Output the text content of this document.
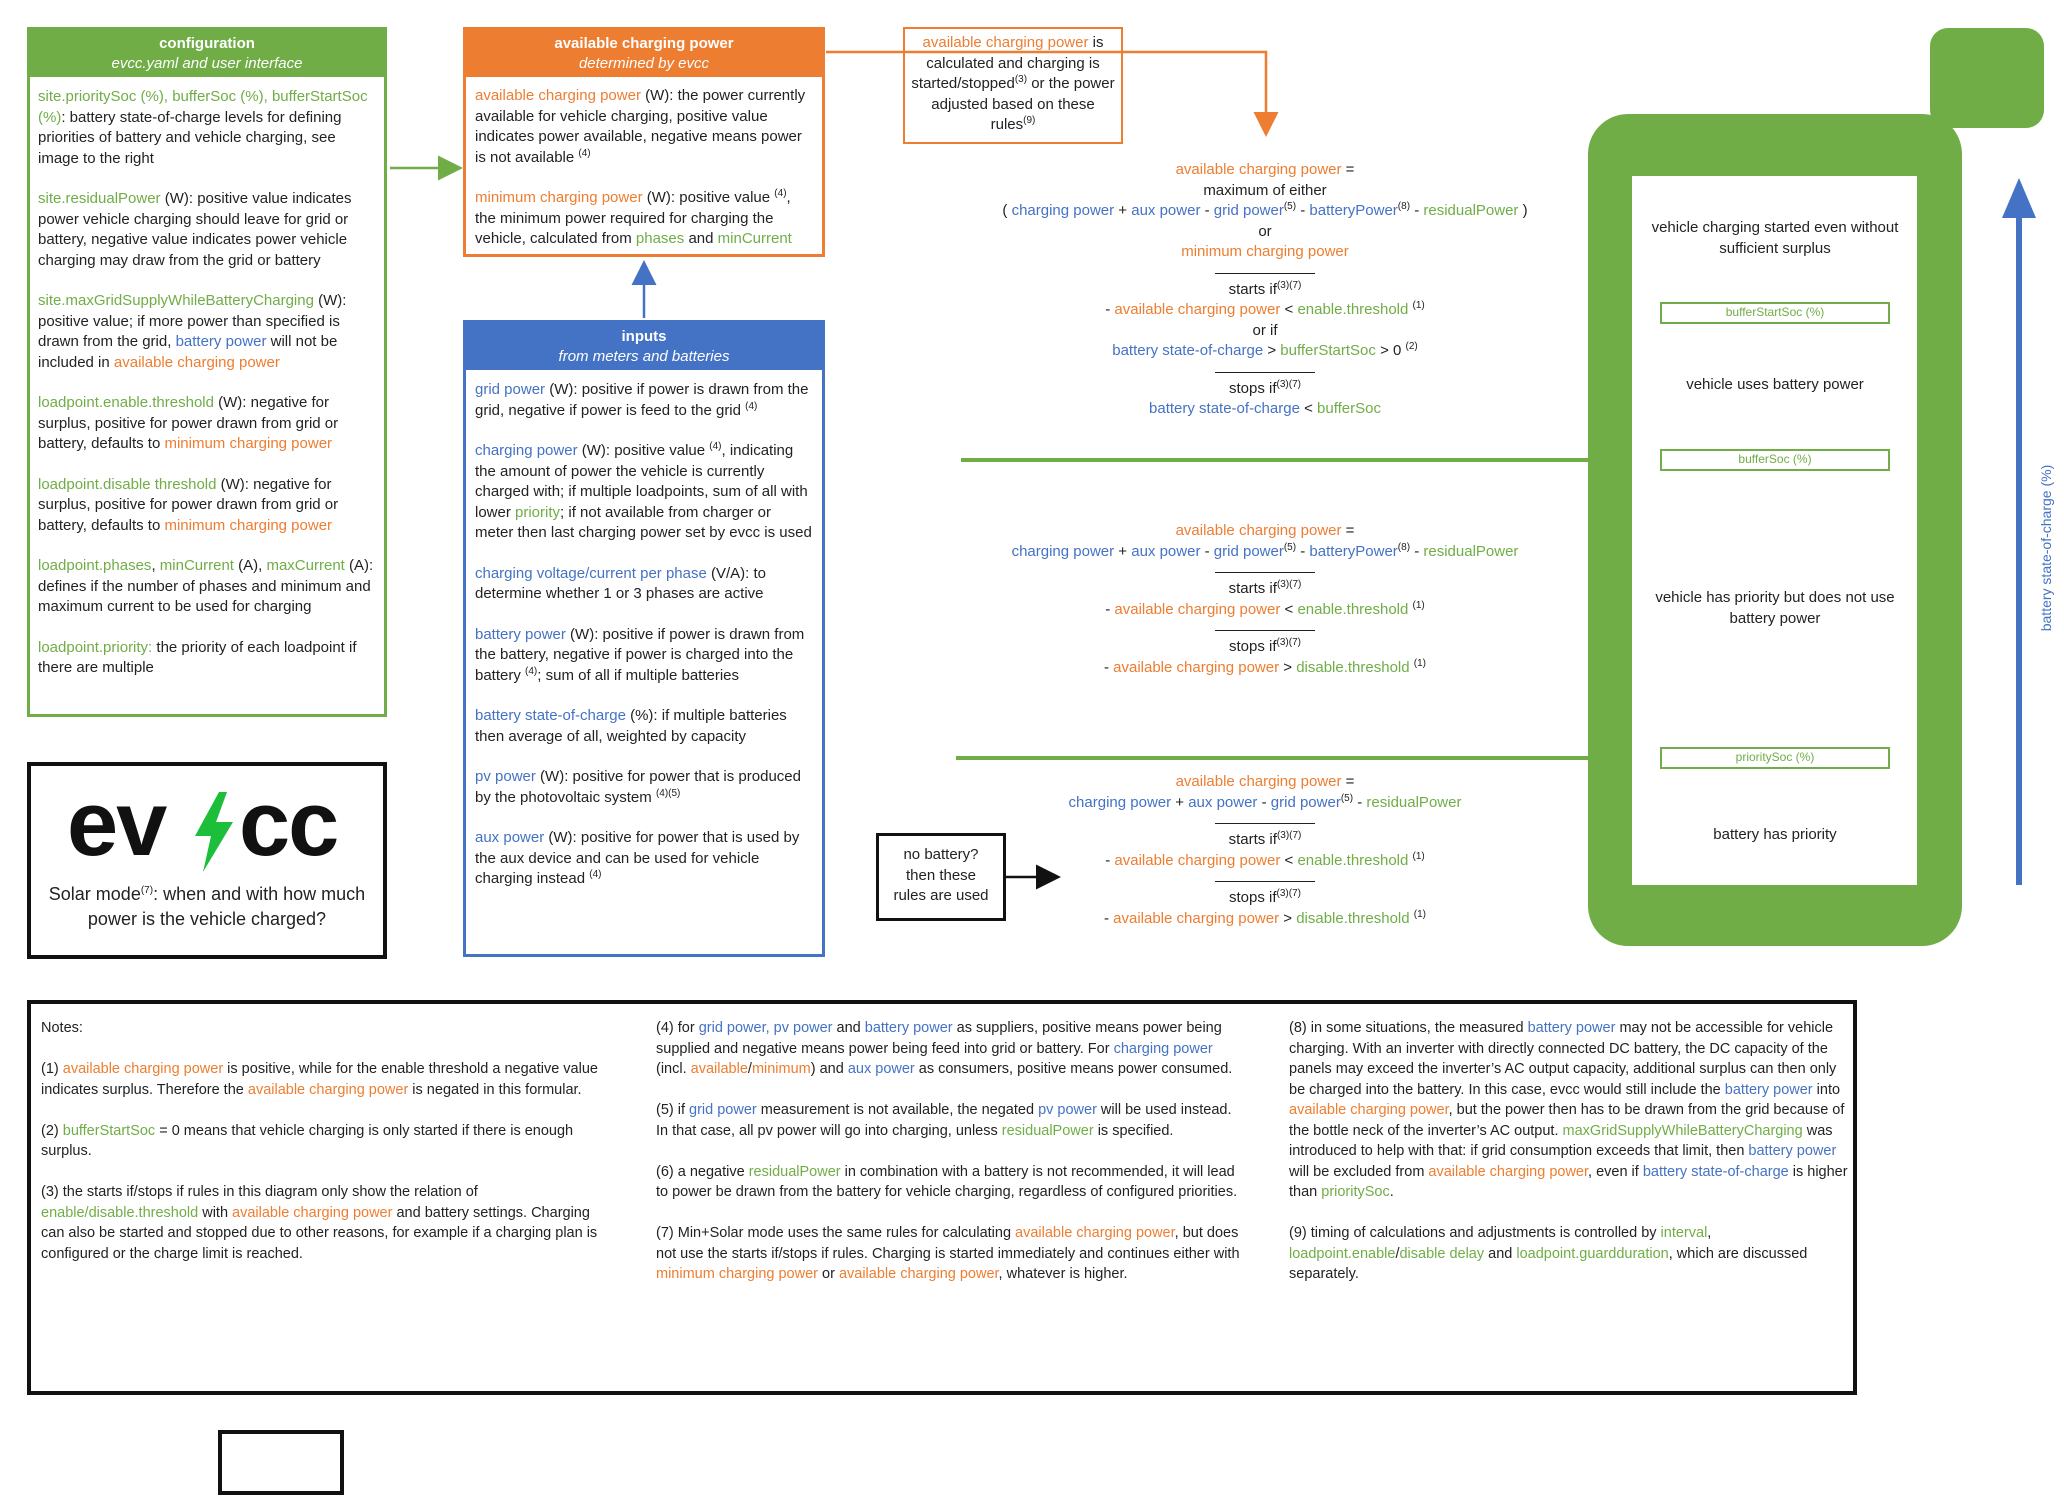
configuration
evcc.yaml and user interface

site.prioritySoc (%), bufferSoc (%), bufferStartSoc (%): battery state-of-charge levels for defining priorities of battery and vehicle charging, see image to the right

site.residualPower (W): positive value indicates power vehicle charging should leave for grid or battery, negative value indicates power vehicle charging may draw from the grid or battery

site.maxGridSupplyWhileBatteryCharging (W): positive value; if more power than specified is drawn from the grid, battery power will not be included in available charging power

loadpoint.enable.threshold (W): negative for surplus, positive for power drawn from grid or battery, defaults to minimum charging power

loadpoint.disable threshold (W): negative for surplus, positive for power drawn from grid or battery, defaults to minimum charging power

loadpoint.phases, minCurrent (A), maxCurrent (A): defines if the number of phases and minimum and maximum current to be used for charging

loadpoint.priority: the priority of each loadpoint if there are multiple

available charging power
determined by evcc

available charging power (W): the power currently available for vehicle charging, positive value indicates power available, negative means power is not available $^{(4)}$

minimum charging power (W): positive value $^{(4)}$, the minimum power required for charging the vehicle, calculated from phases and minCurrent

inputs
from meters and batteries

grid power (W): positive if power is drawn from the grid, negative if power is feed to the grid $^{(4)}$

charging power (W): positive value $^{(4)}$, indicating the amount of power the vehicle is currently charged with; if multiple loadpoints, sum of all with lower priority; if not available from charger or meter then last charging power set by evcc is used

charging voltage/current per phase (V/A): to determine whether 1 or 3 phases are active

battery power (W): positive if power is drawn from the battery, negative if power is charged into the battery $^{(4)}$; sum of all if multiple batteries

battery state-of-charge (%): if multiple batteries then average of all, weighted by capacity

pv power (W): positive for power that is produced by the photovoltaic system $^{(4)(5)}$

aux power (W): positive for power that is used by the aux device and can be used for vehicle charging instead $^{(4)}$

available charging power is calculated and charging is started/stopped$^{(3)}$ or the power adjusted based on these rules$^{(9)}$
available charging power =
maximum of either
( charging power + aux power - grid power$^{(5)}$ - batteryPower$^{(8)}$ - residualPower )
or
minimum charging power
starts $if^{(3)(7)}$
- available charging power < enable.threshold $^{(1)}$
or if
battery state-of-charge > bufferStartSoc > 0 $^{(2)}$
stops $if^{(3)(7)}$
battery state-of-charge < bufferSoc
available charging power =
charging power + aux power - grid power$^{(5)}$ - batteryPower$^{(8)}$ - residualPower
starts $if^{(3)(7)}$
- available charging power < enable.threshold $^{(1)}$
stops $if^{(3)(7)}$
- available charging power > disable.threshold $^{(1)}$
available charging power =
charging power + aux power - grid power$^{(5)}$ - residualPower
starts $if^{(3)(7)}$
- available charging power < enable.threshold $^{(1)}$
stops $if^{(3)(7)}$
- available charging power > disable.threshold $^{(1)}$
no battery?
then these
rules are used
vehicle charging started even without sufficient surplus
bufferStartSoc (%)
vehicle uses battery power
bufferSoc (%)
vehicle has priority but does not use battery power
prioritySoc (%)
battery has priority
battery state-of-charge (%)
ev cc
Solar mode$^{(7)}$: when and with how much power is the vehicle charged?

Notes:

(1) available charging power is positive, while for the enable threshold a negative value indicates surplus. Therefore the available charging power is negated in this formular.

(2) bufferStartSoc = 0 means that vehicle charging is only started if there is enough surplus.

(3) the starts if/stops if rules in this diagram only show the relation of enable/disable.threshold with available charging power and battery settings. Charging can also be started and stopped due to other reasons, for example if a charging plan is configured or the charge limit is reached.

(4) for grid power, pv power and battery power as suppliers, positive means power being supplied and negative means power being feed into grid or battery. For charging power (incl. available/minimum) and aux power as consumers, positive means power consumed.

(5) if grid power measurement is not available, the negated pv power will be used instead. In that case, all pv power will go into charging, unless residualPower is specified.

(6) a negative residualPower in combination with a battery is not recommended, it will lead to power be drawn from the battery for vehicle charging, regardless of configured priorities.

(7) Min+Solar mode uses the same rules for calculating available charging power, but does not use the starts if/stops if rules. Charging is started immediately and continues either with minimum charging power or available charging power, whatever is higher.

(8) in some situations, the measured battery power may not be accessible for vehicle charging. With an inverter with directly connected DC battery, the DC capacity of the panels may exceed the inverter’s AC output capacity, additional surplus can then only be charged into the battery. In this case, evcc would still include the battery power into available charging power, but the power then has to be drawn from the grid because of the bottle neck of the inverter’s AC output. maxGridSupplyWhileBatteryCharging was introduced to help with that: if grid consumption exceeds that limit, then battery power will be excluded from available charging power, even if battery state-of-charge is higher than prioritySoc.

(9) timing of calculations and adjustments is controlled by interval, loadpoint.enable/disable delay and loadpoint.guardduration, which are discussed separately.
